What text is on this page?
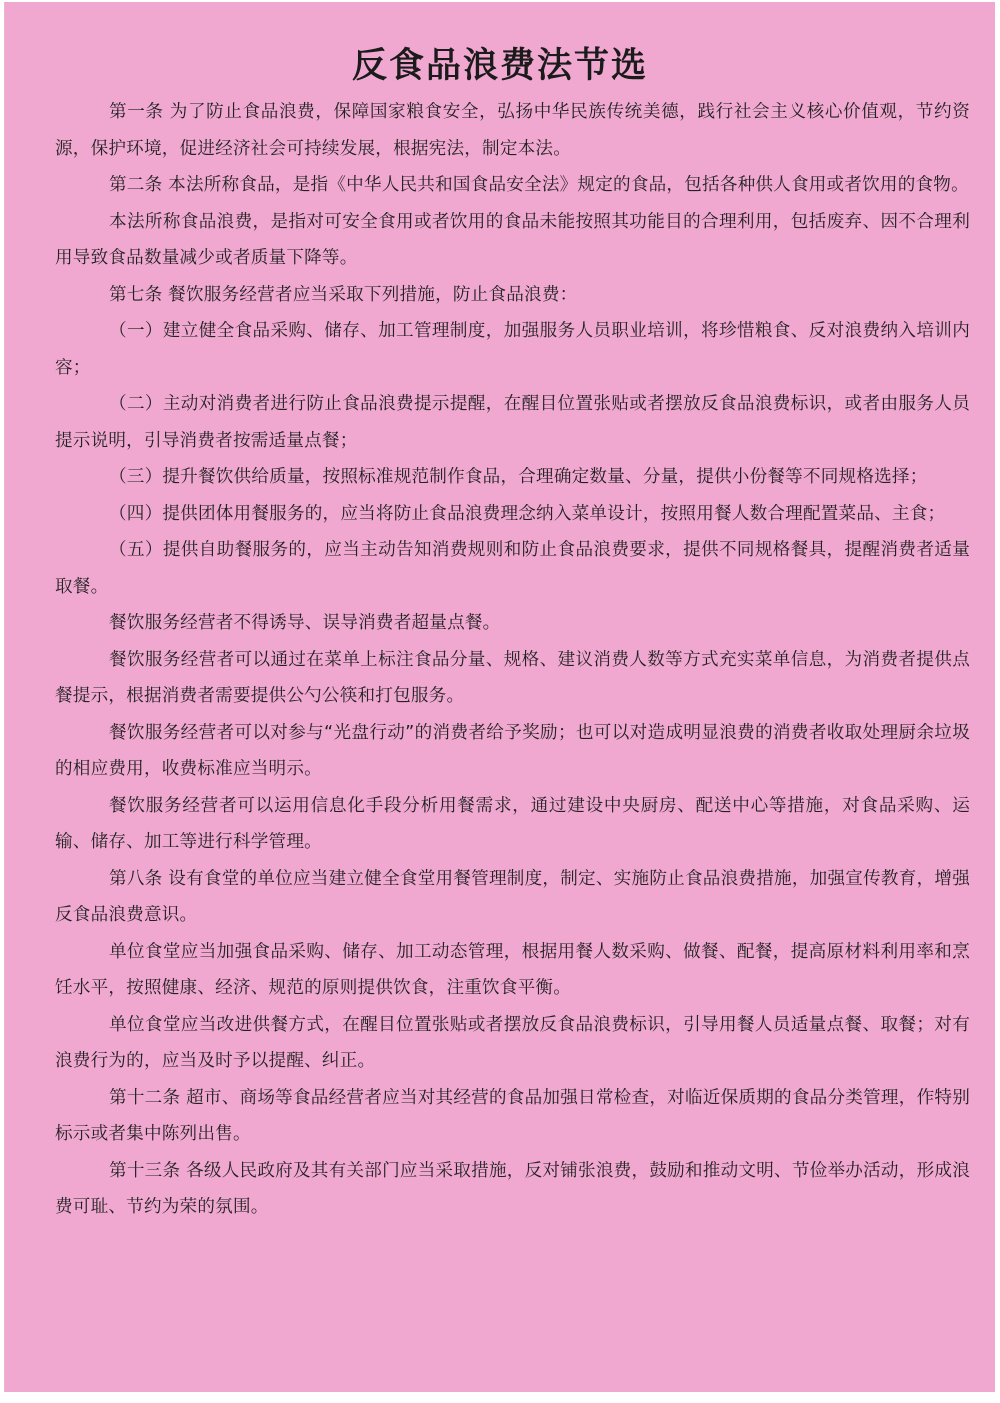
反食品浪费法节选

第一条 为了防止食品浪费，保障国家粮食安全，弘扬中华民族传统美德，践行社会主义核心价值观，节约资源，保护环境，促进经济社会可持续发展，根据宪法，制定本法。

第二条 本法所称食品，是指《中华人民共和国食品安全法》规定的食品，包括各种供人食用或者饮用的食物。

本法所称食品浪费，是指对可安全食用或者饮用的食品未能按照其功能目的合理利用，包括废弃、因不合理利用导致食品数量减少或者质量下降等。

第七条 餐饮服务经营者应当采取下列措施，防止食品浪费：

（一）建立健全食品采购、储存、加工管理制度，加强服务人员职业培训，将珍惜粮食、反对浪费纳入培训内容；

（二）主动对消费者进行防止食品浪费提示提醒，在醒目位置张贴或者摆放反食品浪费标识，或者由服务人员提示说明，引导消费者按需适量点餐；

（三）提升餐饮供给质量，按照标准规范制作食品，合理确定数量、分量，提供小份餐等不同规格选择；

（四）提供团体用餐服务的，应当将防止食品浪费理念纳入菜单设计，按照用餐人数合理配置菜品、主食；

（五）提供自助餐服务的，应当主动告知消费规则和防止食品浪费要求，提供不同规格餐具，提醒消费者适量取餐。

餐饮服务经营者不得诱导、误导消费者超量点餐。

餐饮服务经营者可以通过在菜单上标注食品分量、规格、建议消费人数等方式充实菜单信息，为消费者提供点餐提示，根据消费者需要提供公勺公筷和打包服务。

餐饮服务经营者可以对参与“光盘行动”的消费者给予奖励；也可以对造成明显浪费的消费者收取处理厨余垃圾的相应费用，收费标准应当明示。

餐饮服务经营者可以运用信息化手段分析用餐需求，通过建设中央厨房、配送中心等措施，对食品采购、运输、储存、加工等进行科学管理。

第八条 设有食堂的单位应当建立健全食堂用餐管理制度，制定、实施防止食品浪费措施，加强宣传教育，增强反食品浪费意识。

单位食堂应当加强食品采购、储存、加工动态管理，根据用餐人数采购、做餐、配餐，提高原材料利用率和烹饪水平，按照健康、经济、规范的原则提供饮食，注重饮食平衡。

单位食堂应当改进供餐方式，在醒目位置张贴或者摆放反食品浪费标识，引导用餐人员适量点餐、取餐；对有浪费行为的，应当及时予以提醒、纠正。

第十二条 超市、商场等食品经营者应当对其经营的食品加强日常检查，对临近保质期的食品分类管理，作特别标示或者集中陈列出售。

第十三条 各级人民政府及其有关部门应当采取措施，反对铺张浪费，鼓励和推动文明、节俭举办活动，形成浪费可耻、节约为荣的氛围。
